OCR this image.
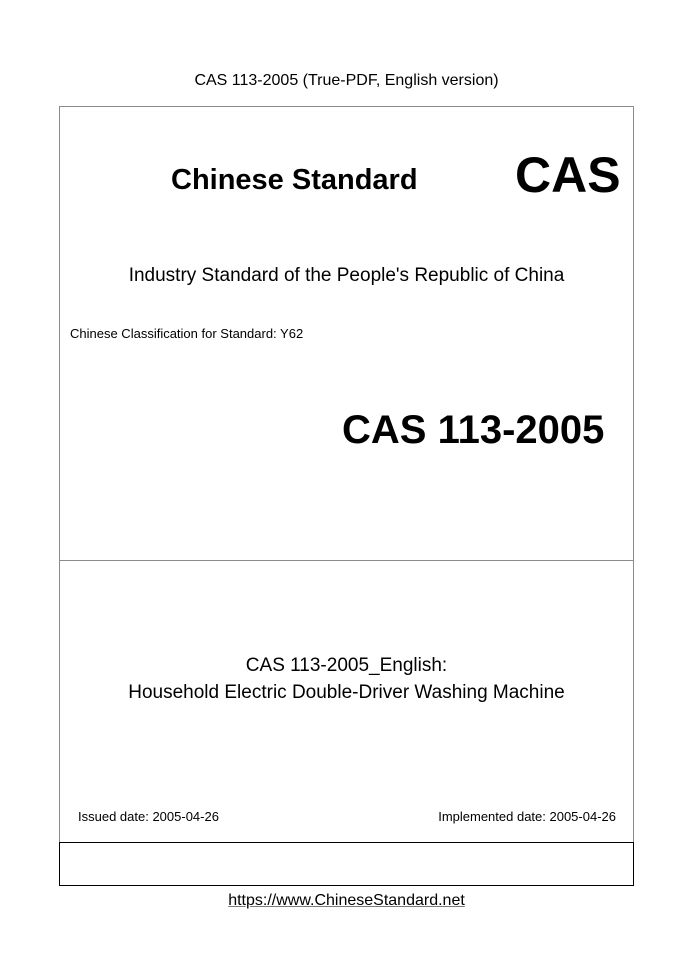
CAS 113-2005 (True-PDF, English version)
Chinese Standard CAS
Industry Standard of the People's Republic of China
Chinese Classification for Standard: Y62
CAS 113-2005
CAS 113-2005_English:
Household Electric Double-Driver Washing Machine
Issued date: 2005-04-26	Implemented date: 2005-04-26
https://www.ChineseStandard.net
